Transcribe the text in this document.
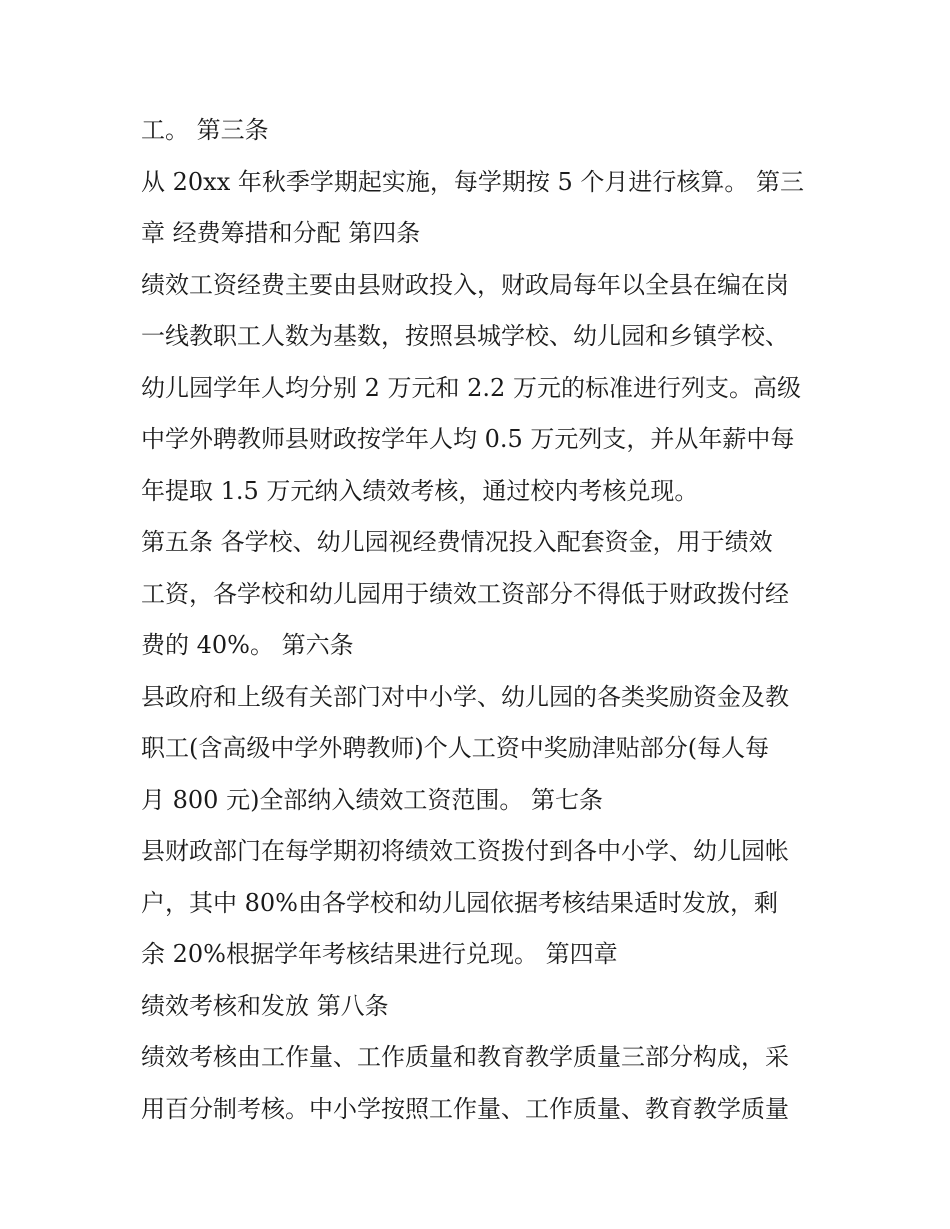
工。 第三条
从 20xx 年秋季学期起实施，每学期按 5 个月进行核算。 第三
章 经费筹措和分配 第四条
绩效工资经费主要由县财政投入，财政局每年以全县在编在岗
一线教职工人数为基数，按照县城学校、幼儿园和乡镇学校、
幼儿园学年人均分别 2 万元和 2.2 万元的标准进行列支。高级
中学外聘教师县财政按学年人均 0.5 万元列支，并从年薪中每
年提取 1.5 万元纳入绩效考核，通过校内考核兑现。
第五条 各学校、幼儿园视经费情况投入配套资金，用于绩效
工资，各学校和幼儿园用于绩效工资部分不得低于财政拨付经
费的 40%。 第六条
县政府和上级有关部门对中小学、幼儿园的各类奖励资金及教
职工(含高级中学外聘教师)个人工资中奖励津贴部分(每人每
月 800 元)全部纳入绩效工资范围。 第七条
县财政部门在每学期初将绩效工资拨付到各中小学、幼儿园帐
户，其中 80%由各学校和幼儿园依据考核结果适时发放，剩
余 20%根据学年考核结果进行兑现。 第四章
绩效考核和发放 第八条
绩效考核由工作量、工作质量和教育教学质量三部分构成，采
用百分制考核。中小学按照工作量、工作质量、教育教学质量
